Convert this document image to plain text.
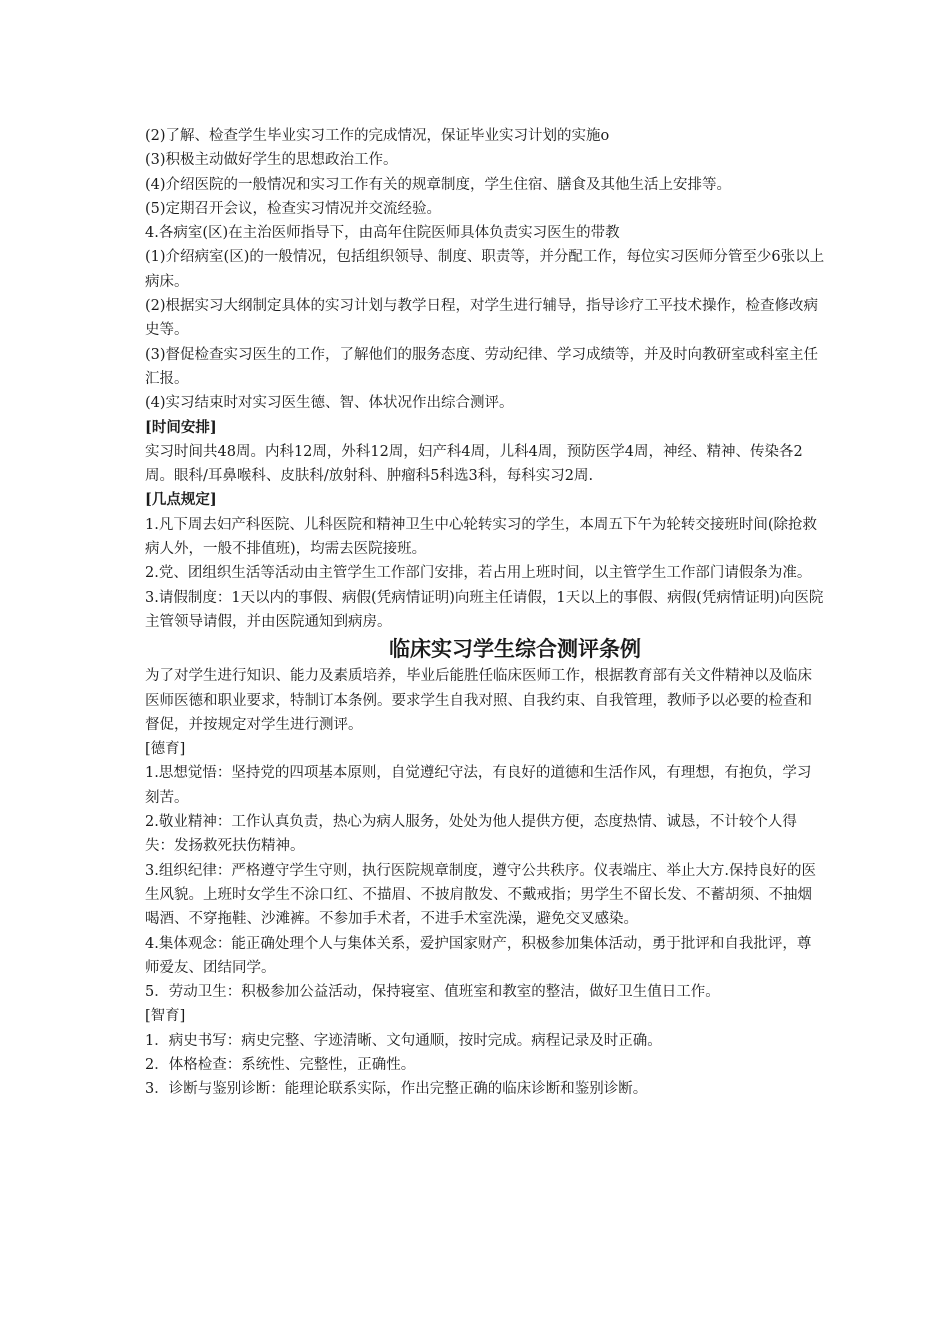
(2)了解、检查学生毕业实习工作的完成情况，保证毕业实习计划的实施o

(3)积极主动做好学生的思想政治工作。

(4)介绍医院的一般情况和实习工作有关的规章制度，学生住宿、膳食及其他生活上安排等。

(5)定期召开会议，检查实习情况并交流经验。

4.各病室(区)在主治医师指导下，由高年住院医师具体负责实习医生的带教

(1)介绍病室(区)的一般情况，包括组织领导、制度、职责等，并分配工作，每位实习医师分管至少6张以上病床。

(2)根据实习大纲制定具体的实习计划与教学日程，对学生进行辅导，指导诊疗工平技术操作，检查修改病史等。

(3)督促检查实习医生的工作，了解他们的服务态度、劳动纪律、学习成绩等，并及时向教研室或科室主任汇报。

(4)实习结束时对实习医生德、智、体状况作出综合测评。

[时间安排]

实习时间共48周。内科12周，外科12周，妇产科4周，儿科4周，预防医学4周，神经、精神、传染各2周。眼科/耳鼻喉科、皮肤科/放射科、肿瘤科5科选3科，每科实习2周.

[几点规定]

1.凡下周去妇产科医院、儿科医院和精神卫生中心轮转实习的学生，本周五下午为轮转交接班时间(除抢救病人外，一般不排值班)，均需去医院接班。

2.党、团组织生活等活动由主管学生工作部门安排，若占用上班时间，以主管学生工作部门请假条为准。

3.请假制度：1天以内的事假、病假(凭病情证明)向班主任请假，1天以上的事假、病假(凭病情证明)向医院主管领导请假，并由医院通知到病房。

临床实习学生综合测评条例

为了对学生进行知识、能力及素质培养，毕业后能胜任临床医师工作，根据教育部有关文件精神以及临床医师医德和职业要求，特制订本条例。要求学生自我对照、自我约束、自我管理，教师予以必要的检查和督促，并按规定对学生进行测评。

[德育]

1.思想觉悟：坚持党的四项基本原则，自觉遵纪守法，有良好的道德和生活作风，有理想，有抱负，学习刻苦。

2.敬业精神：工作认真负责，热心为病人服务，处处为他人提供方便，态度热情、诚恳，不计较个人得失：发扬救死扶伤精神。

3.组织纪律：严格遵守学生守则，执行医院规章制度，遵守公共秩序。仪表端庄、举止大方.保持良好的医生风貌。上班时女学生不涂口红、不描眉、不披肩散发、不戴戒指；男学生不留长发、不蓄胡须、不抽烟喝酒、不穿拖鞋、沙滩裤。不参加手术者，不进手术室洗澡，避免交叉感染。

4.集体观念：能正确处理个人与集体关系，爱护国家财产，积极参加集体活动，勇于批评和自我批评，尊师爱友、团结同学。

5．劳动卫生：积极参加公益活动，保持寝室、值班室和教室的整洁，做好卫生值日工作。

[智育]

1．病史书写：病史完整、字迹清晰、文句通顺，按时完成。病程记录及时正确。

2．体格检查：系统性、完整性，正确性。

3．诊断与鉴别诊断：能理论联系实际，作出完整正确的临床诊断和鉴别诊断。
